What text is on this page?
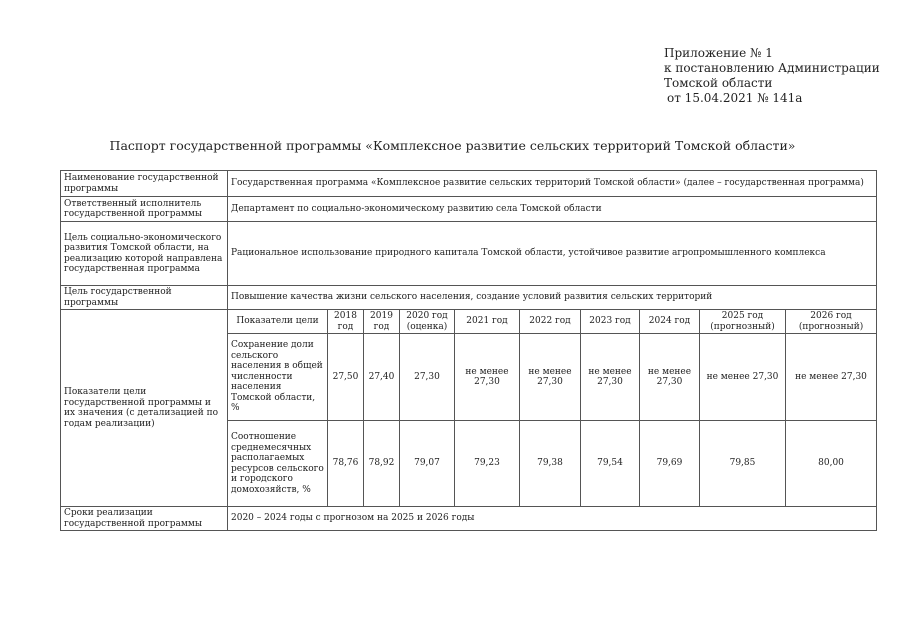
Приложение № 1
к постановлению Администрации
Томской области
от 15.04.2021 № 141а
Паспорт государственной программы «Комплексное развитие сельских территорий Томской области»
Наименование государственной программы	Государственная программа «Комплексное развитие сельских территорий Томской области» (далее – государственная программа)									
Ответственный исполнитель государственной программы	Департамент по социально-экономическому развитию села Томской области									
Цель социально-экономического развития Томской области, на реализацию которой направлена государственная программа	Рациональное использование природного капитала Томской области, устойчивое развитие агропромышленного комплекса									
Цель государственной программы	Повышение качества жизни сельского населения, создание условий развития сельских территорий									
Показатели цели государственной программы и их значения (с детализацией по годам реализации)	Показатели цели	2018 год	2019 год	2020 год (оценка)	2021 год	2022 год	2023 год	2024 год	2025 год (прогнозный)	2026 год (прогнозный)
	Сохранение доли сельского населения в общей численности населения Томской области, %	27,50	27,40	27,30	не менее 27,30	не менее 27,30	не менее 27,30	не менее 27,30	не менее 27,30	не менее 27,30
	Соотношение среднемесячных располагаемых ресурсов сельского и городского домохозяйств, %	78,76	78,92	79,07	79,23	79,38	79,54	79,69	79,85	80,00
Сроки реализации государственной программы	2020 – 2024 годы с прогнозом на 2025 и 2026 годы									
